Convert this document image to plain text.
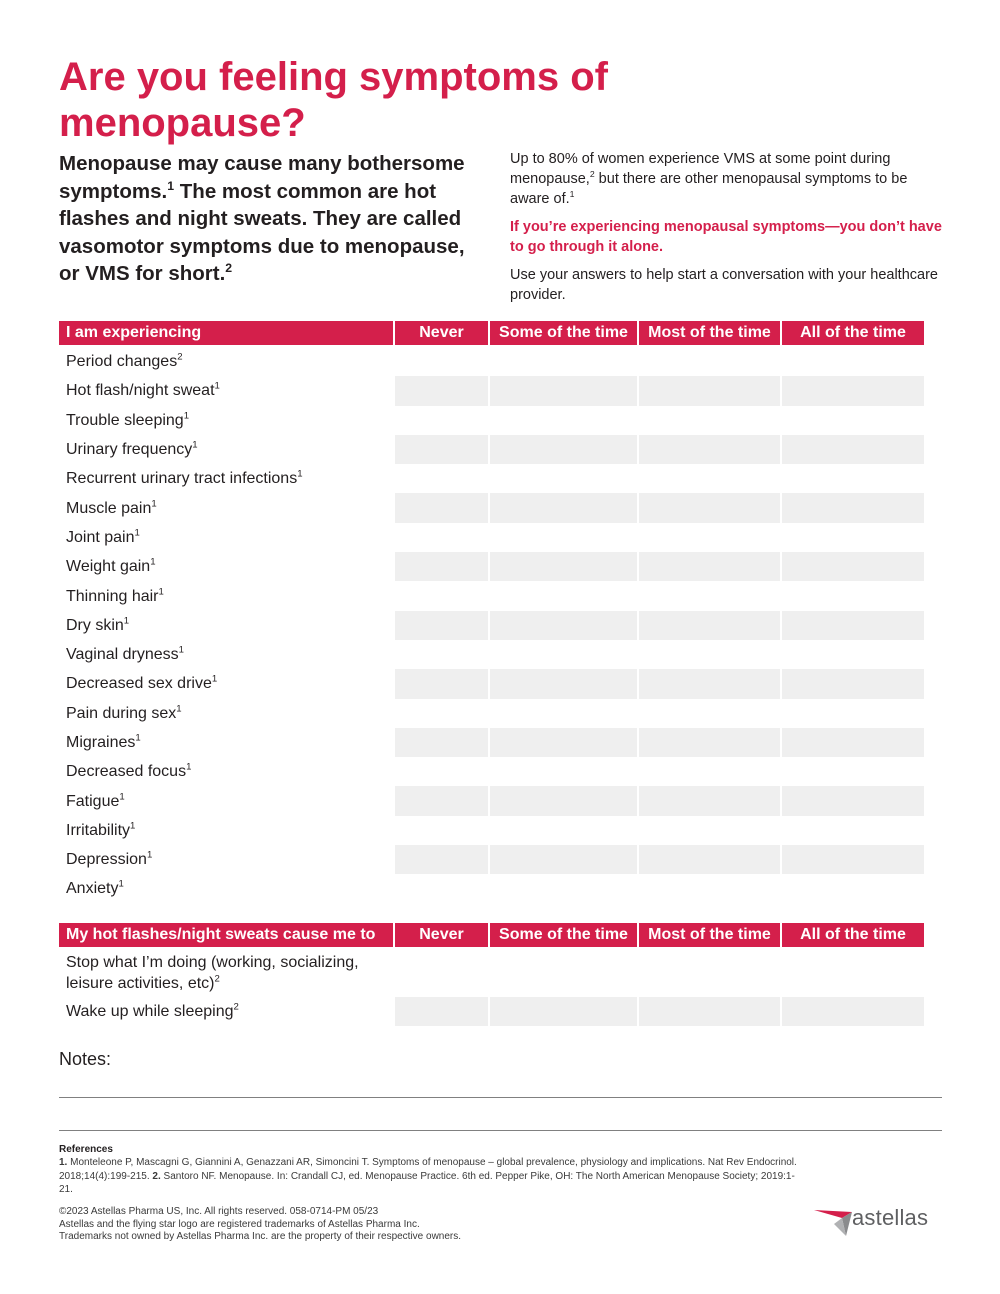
Are you feeling symptoms of menopause?
Menopause may cause many bothersome symptoms.$^1$ The most common are hot flashes and night sweats. They are called vasomotor symptoms due to menopause, or VMS for short.$^2$

Up to 80% of women experience VMS at some point during menopause,$^2$ but there are other menopausal symptoms to be aware of.$^1$

If you’re experiencing menopausal symptoms—you don’t have to go through it alone.

Use your answers to help start a conversation with your healthcare provider.

I am experiencing	Never	Some of the time	Most of the time	All of the time
Period changes$^2$
Hot flash/night sweat$^1$
Trouble sleeping$^1$
Urinary frequency$^1$
Recurrent urinary tract infections$^1$
Muscle pain$^1$
Joint pain$^1$
Weight gain$^1$
Thinning hair$^1$
Dry skin$^1$
Vaginal dryness$^1$
Decreased sex drive$^1$
Pain during sex$^1$
Migraines$^1$
Decreased focus$^1$
Fatigue$^1$
Irritability$^1$
Depression$^1$
Anxiety$^1$
My hot flashes/night sweats cause me to	Never	Some of the time	Most of the time	All of the time
Stop what I’m doing (working, socializing, leisure activities, etc)$^2$
Wake up while sleeping$^2$
Notes:
References
1. Monteleone P, Mascagni G, Giannini A, Genazzani AR, Simoncini T. Symptoms of menopause – global prevalence, physiology and implications. Nat Rev Endocrinol. 2018;14(4):199-215. 2. Santoro NF. Menopause. In: Crandall CJ, ed. Menopause Practice. 6th ed. Pepper Pike, OH: The North American Menopause Society; 2019:1-21.
©2023 Astellas Pharma US, Inc. All rights reserved. 058-0714-PM 05/23
Astellas and the flying star logo are registered trademarks of Astellas Pharma Inc.
Trademarks not owned by Astellas Pharma Inc. are the property of their respective owners.
astellas
